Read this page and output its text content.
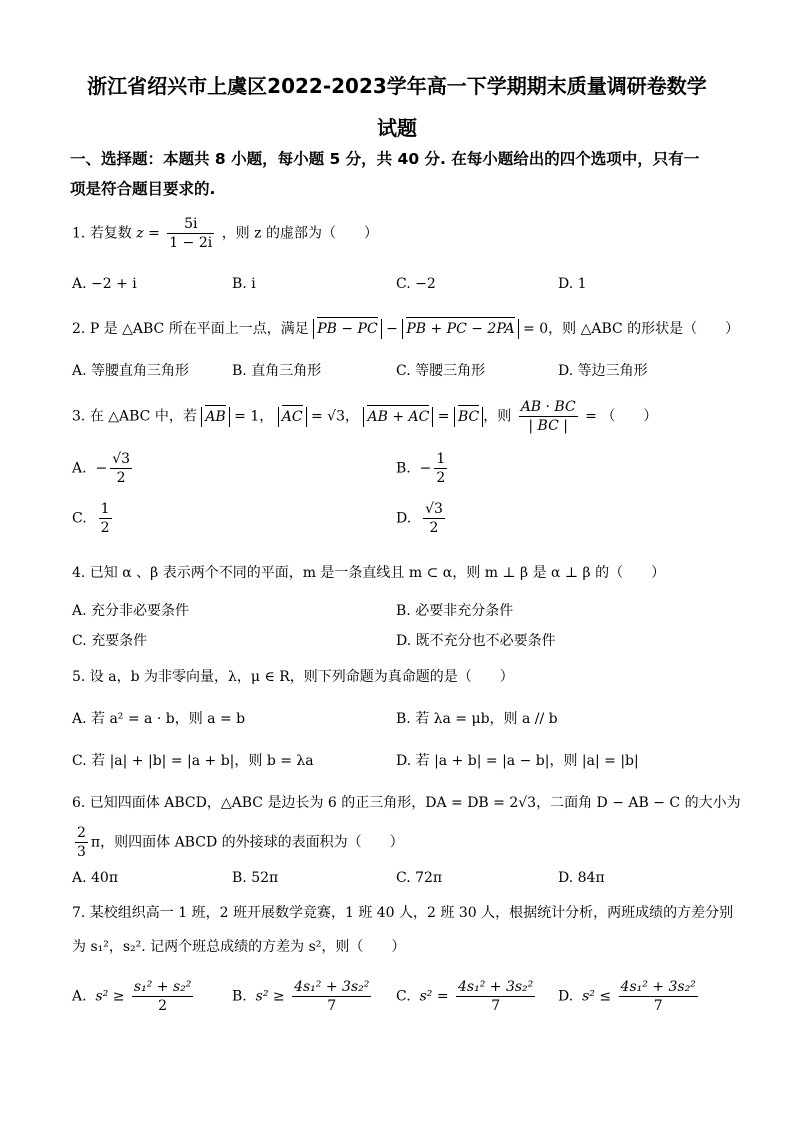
浙江省绍兴市上虞区2022-2023学年高一下学期期末质量调研卷数学
试题
一、选择题：本题共 8 小题，每小题 5 分，共 40 分. 在每小题给出的四个选项中，只有一
项是符合题目要求的.
1. 若复数 $z = \frac{5i}{1 - 2i}$ ，则 z 的虚部为（　　）
A. −2 + i	B. i	C. −2	D. 1
2. P 是 △ABC 所在平面上一点，满足 PB − PC − PB + PC − 2PA = 0，则 △ABC 的形状是（　　）
A. 等腰直角三角形	B. 直角三角形	C. 等腰三角形	D. 等边三角形
3. 在 △ABC 中，若 AB = 1， AC = √3， AB + AC = BC ，则 $\frac{AB \cdot BC}{| BC |}$ = （　　）
A. − $\frac{√3}{2}$	B. − $\frac{1}{2}$
C. $\frac{1}{2}$	D. $\frac{√3}{2}$
4. 已知 α 、β 表示两个不同的平面，m 是一条直线且 m ⊂ α，则 m ⊥ β 是 α ⊥ β 的（　　）
A. 充分非必要条件	B. 必要非充分条件
C. 充要条件	D. 既不充分也不必要条件
5. 设 a，b 为非零向量，λ，μ ∈ R，则下列命题为真命题的是（　　）
A. 若 a² = a · b，则 a = b	B. 若 λa = μb，则 a // b
C. 若 |a| + |b| = |a + b|，则 b = λa	D. 若 |a + b| = |a − b|，则 |a| = |b|
6. 已知四面体 ABCD，△ABC 是边长为 6 的正三角形，DA = DB = 2√3，二面角 D − AB − C 的大小为
$\frac{2}{3}$ π，则四面体 ABCD 的外接球的表面积为（　　）
A. 40π	B. 52π	C. 72π	D. 84π
7. 某校组织高一 1 班，2 班开展数学竞赛，1 班 40 人，2 班 30 人，根据统计分析，两班成绩的方差分别
为 s₁²，s₂². 记两个班总成绩的方差为 s²，则（　　）
A. $s^2 \ge \frac{\text{s₁² + s₂²}}{2}$	B. $s^2 \ge \frac{\text{4s₁² + 3s₂²}}{7} C$. $s^2 = \frac{\text{4s₁² + 3s₂²}}{7} D$. $s^2 \le \frac{\text{4s₁² + 3s₂²}}{7}$
